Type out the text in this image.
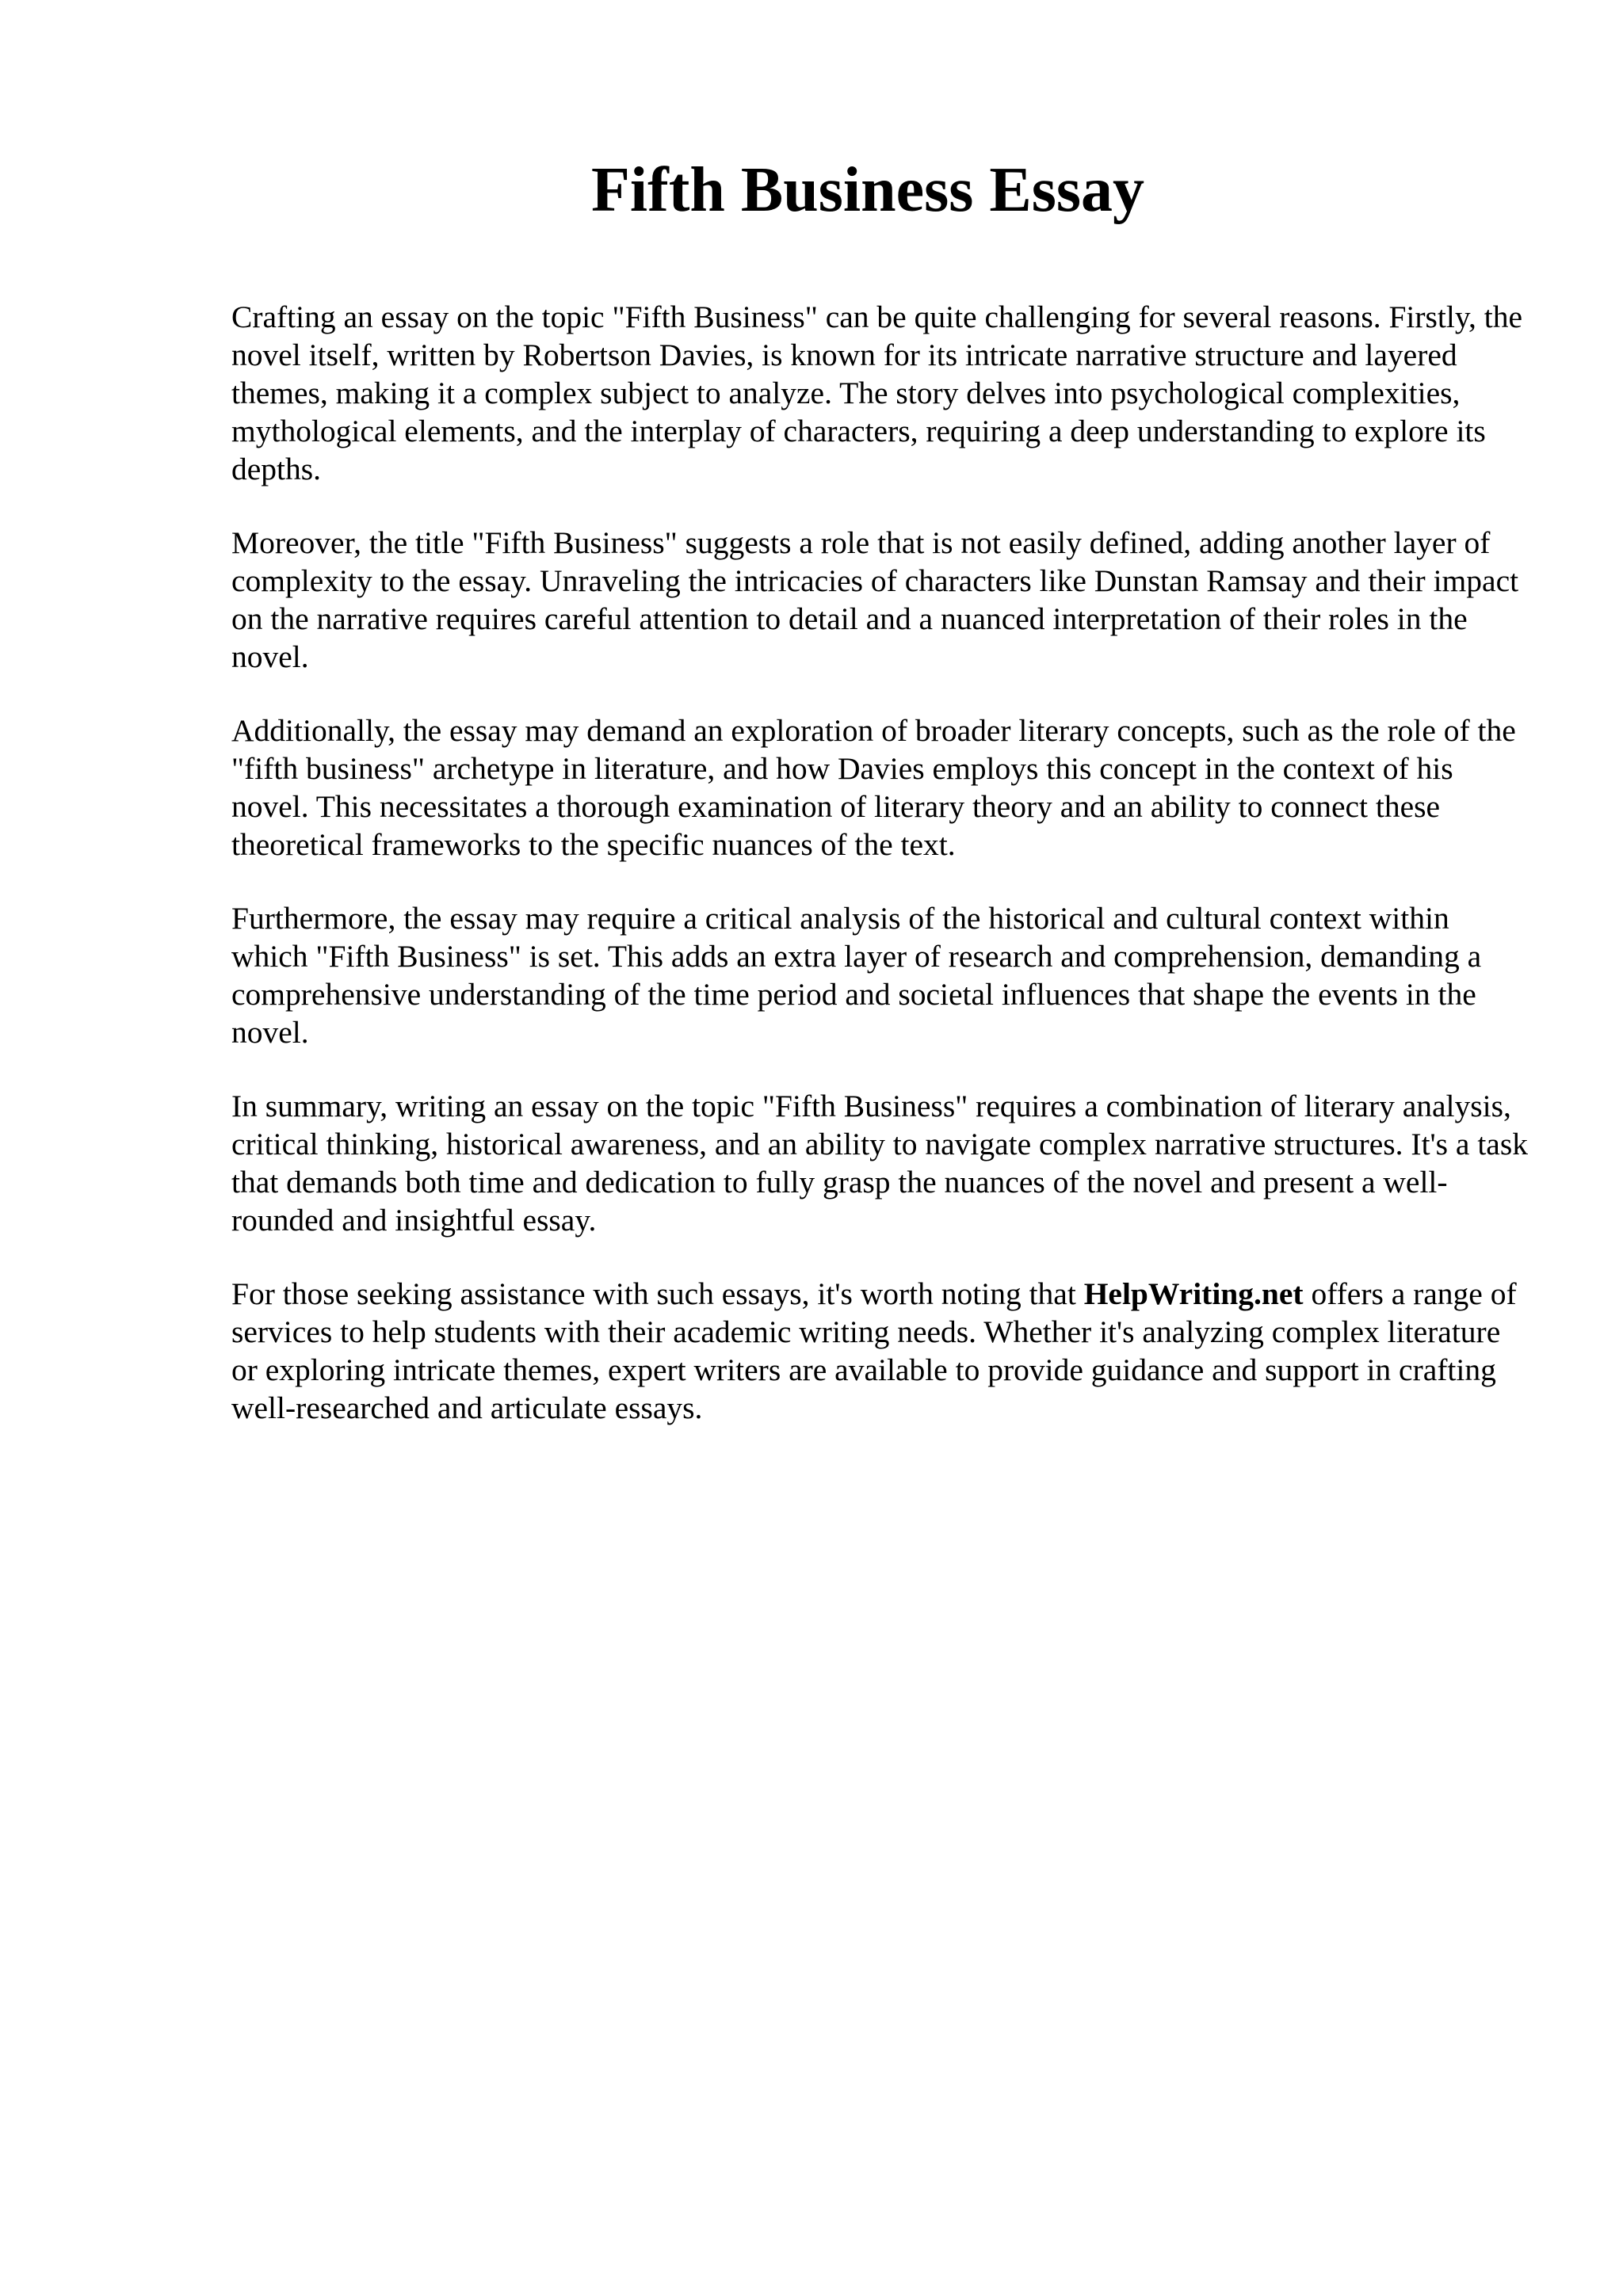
Fifth Business Essay

Crafting an essay on the topic "Fifth Business" can be quite challenging for several reasons. Firstly, the novel itself, written by Robertson Davies, is known for its intricate narrative structure and layered themes, making it a complex subject to analyze. The story delves into psychological complexities, mythological elements, and the interplay of characters, requiring a deep understanding to explore its depths.

Moreover, the title "Fifth Business" suggests a role that is not easily defined, adding another layer of complexity to the essay. Unraveling the intricacies of characters like Dunstan Ramsay and their impact on the narrative requires careful attention to detail and a nuanced interpretation of their roles in the novel.

Additionally, the essay may demand an exploration of broader literary concepts, such as the role of the "fifth business" archetype in literature, and how Davies employs this concept in the context of his novel. This necessitates a thorough examination of literary theory and an ability to connect these theoretical frameworks to the specific nuances of the text.

Furthermore, the essay may require a critical analysis of the historical and cultural context within which "Fifth Business" is set. This adds an extra layer of research and comprehension, demanding a comprehensive understanding of the time period and societal influences that shape the events in the novel.

In summary, writing an essay on the topic "Fifth Business" requires a combination of literary analysis, critical thinking, historical awareness, and an ability to navigate complex narrative structures. It's a task that demands both time and dedication to fully grasp the nuances of the novel and present a well-rounded and insightful essay.

For those seeking assistance with such essays, it's worth noting that HelpWriting.net offers a range of services to help students with their academic writing needs. Whether it's analyzing complex literature or exploring intricate themes, expert writers are available to provide guidance and support in crafting well-researched and articulate essays.
